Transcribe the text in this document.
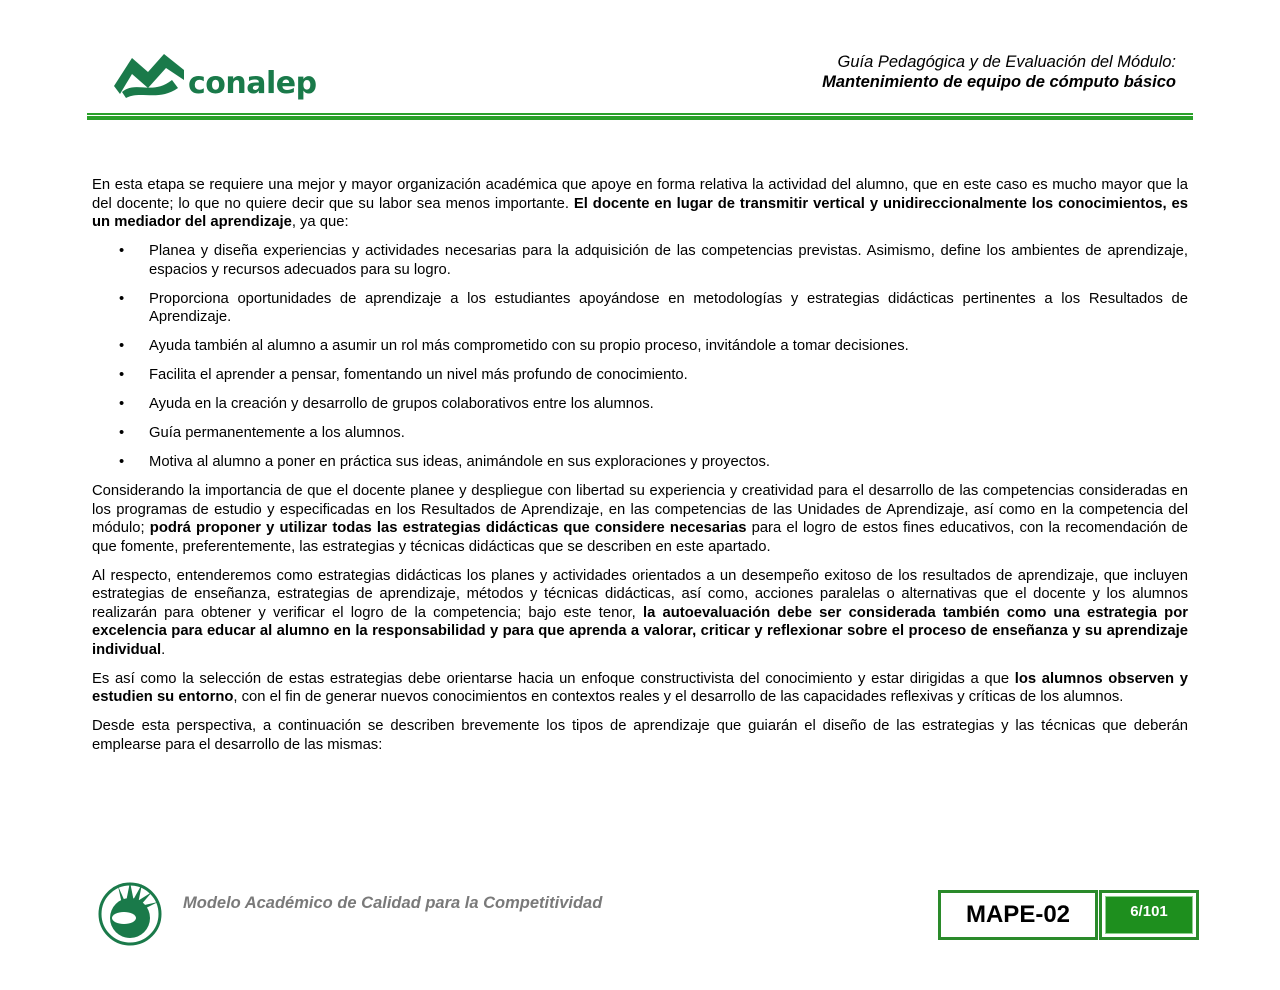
conalep
Guía Pedagógica y de Evaluación del Módulo:
Mantenimiento de equipo de cómputo básico

En esta etapa se requiere una mejor y mayor organización académica que apoye en forma relativa la actividad del alumno, que en este caso es mucho mayor que la del docente; lo que no quiere decir que su labor sea menos importante. El docente en lugar de transmitir vertical y unidireccionalmente los conocimientos, es un mediador del aprendizaje, ya que:

• Planea y diseña experiencias y actividades necesarias para la adquisición de las competencias previstas. Asimismo, define los ambientes de aprendizaje, espacios y recursos adecuados para su logro.
• Proporciona oportunidades de aprendizaje a los estudiantes apoyándose en metodologías y estrategias didácticas pertinentes a los Resultados de Aprendizaje.
• Ayuda también al alumno a asumir un rol más comprometido con su propio proceso, invitándole a tomar decisiones.
• Facilita el aprender a pensar, fomentando un nivel más profundo de conocimiento.
• Ayuda en la creación y desarrollo de grupos colaborativos entre los alumnos.
• Guía permanentemente a los alumnos.
• Motiva al alumno a poner en práctica sus ideas, animándole en sus exploraciones y proyectos.

Considerando la importancia de que el docente planee y despliegue con libertad su experiencia y creatividad para el desarrollo de las competencias consideradas en los programas de estudio y especificadas en los Resultados de Aprendizaje, en las competencias de las Unidades de Aprendizaje, así como en la competencia del módulo; podrá proponer y utilizar todas las estrategias didácticas que considere necesarias para el logro de estos fines educativos, con la recomendación de que fomente, preferentemente, las estrategias y técnicas didácticas que se describen en este apartado.

Al respecto, entenderemos como estrategias didácticas los planes y actividades orientados a un desempeño exitoso de los resultados de aprendizaje, que incluyen estrategias de enseñanza, estrategias de aprendizaje, métodos y técnicas didácticas, así como, acciones paralelas o alternativas que el docente y los alumnos realizarán para obtener y verificar el logro de la competencia; bajo este tenor, la autoevaluación debe ser considerada también como una estrategia por excelencia para educar al alumno en la responsabilidad y para que aprenda a valorar, criticar y reflexionar sobre el proceso de enseñanza y su aprendizaje individual.

Es así como la selección de estas estrategias debe orientarse hacia un enfoque constructivista del conocimiento y estar dirigidas a que los alumnos observen y estudien su entorno, con el fin de generar nuevos conocimientos en contextos reales y el desarrollo de las capacidades reflexivas y críticas de los alumnos.

Desde esta perspectiva, a continuación se describen brevemente los tipos de aprendizaje que guiarán el diseño de las estrategias y las técnicas que deberán emplearse para el desarrollo de las mismas:

Modelo Académico de Calidad para la Competitividad	MAPE-02	6/101
